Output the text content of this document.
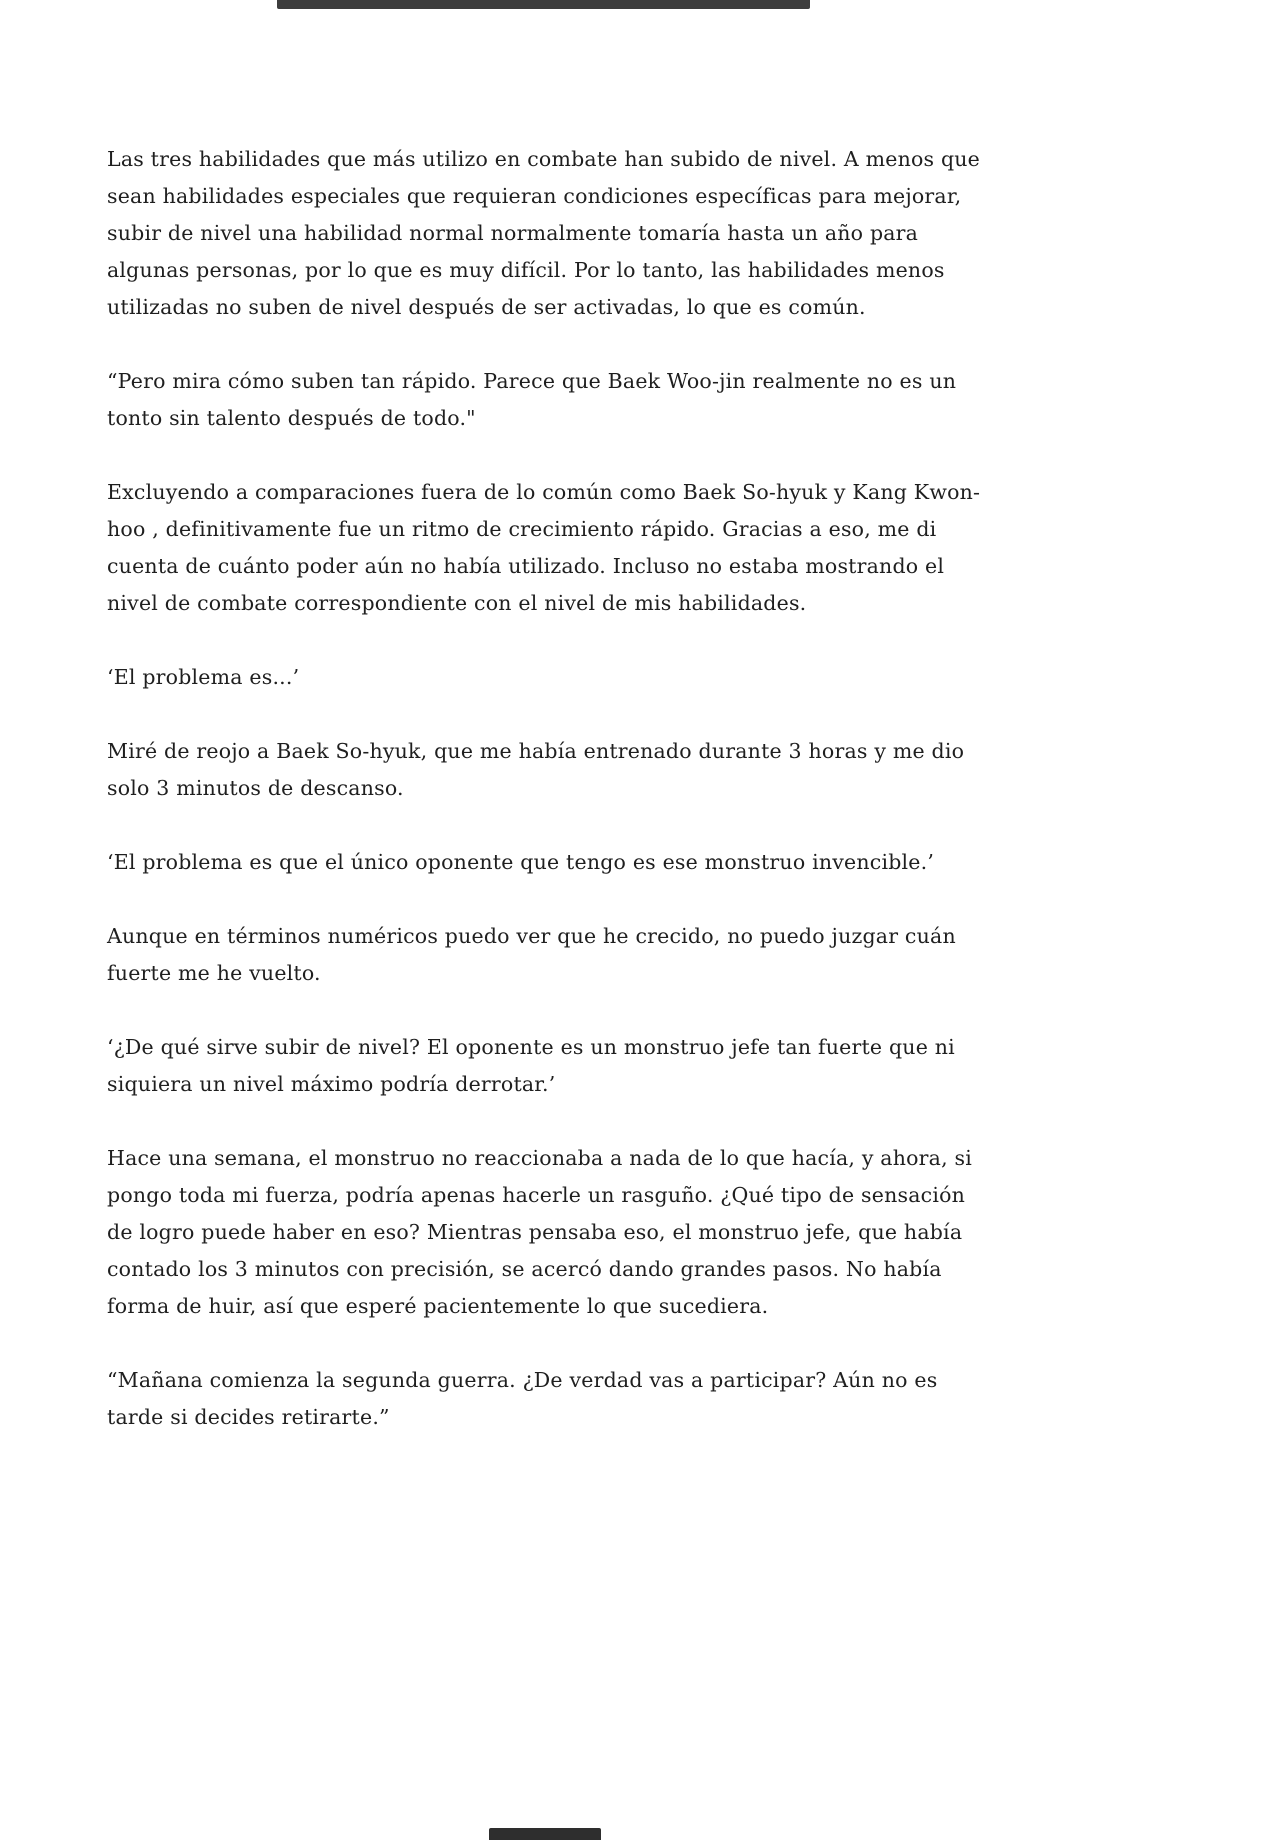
Las tres habilidades que más utilizo en combate han subido de nivel. A menos que sean habilidades especiales que requieran condiciones específicas para mejorar, subir de nivel una habilidad normal normalmente tomaría hasta un año para algunas personas, por lo que es muy difícil. Por lo tanto, las habilidades menos utilizadas no suben de nivel después de ser activadas, lo que es común.

“Pero mira cómo suben tan rápido. Parece que Baek Woo-jin realmente no es un tonto sin talento después de todo."

Excluyendo a comparaciones fuera de lo común como Baek So-hyuk y Kang Kwon-hoo , definitivamente fue un ritmo de crecimiento rápido. Gracias a eso, me di cuenta de cuánto poder aún no había utilizado. Incluso no estaba mostrando el nivel de combate correspondiente con el nivel de mis habilidades.

‘El problema es...’

Miré de reojo a Baek So-hyuk, que me había entrenado durante 3 horas y me dio solo 3 minutos de descanso.

‘El problema es que el único oponente que tengo es ese monstruo invencible.’

Aunque en términos numéricos puedo ver que he crecido, no puedo juzgar cuán fuerte me he vuelto.

‘¿De qué sirve subir de nivel? El oponente es un monstruo jefe tan fuerte que ni siquiera un nivel máximo podría derrotar.’

Hace una semana, el monstruo no reaccionaba a nada de lo que hacía, y ahora, si pongo toda mi fuerza, podría apenas hacerle un rasguño. ¿Qué tipo de sensación de logro puede haber en eso? Mientras pensaba eso, el monstruo jefe, que había contado los 3 minutos con precisión, se acercó dando grandes pasos. No había forma de huir, así que esperé pacientemente lo que sucediera.

“Mañana comienza la segunda guerra. ¿De verdad vas a participar? Aún no es tarde si decides retirarte.”
